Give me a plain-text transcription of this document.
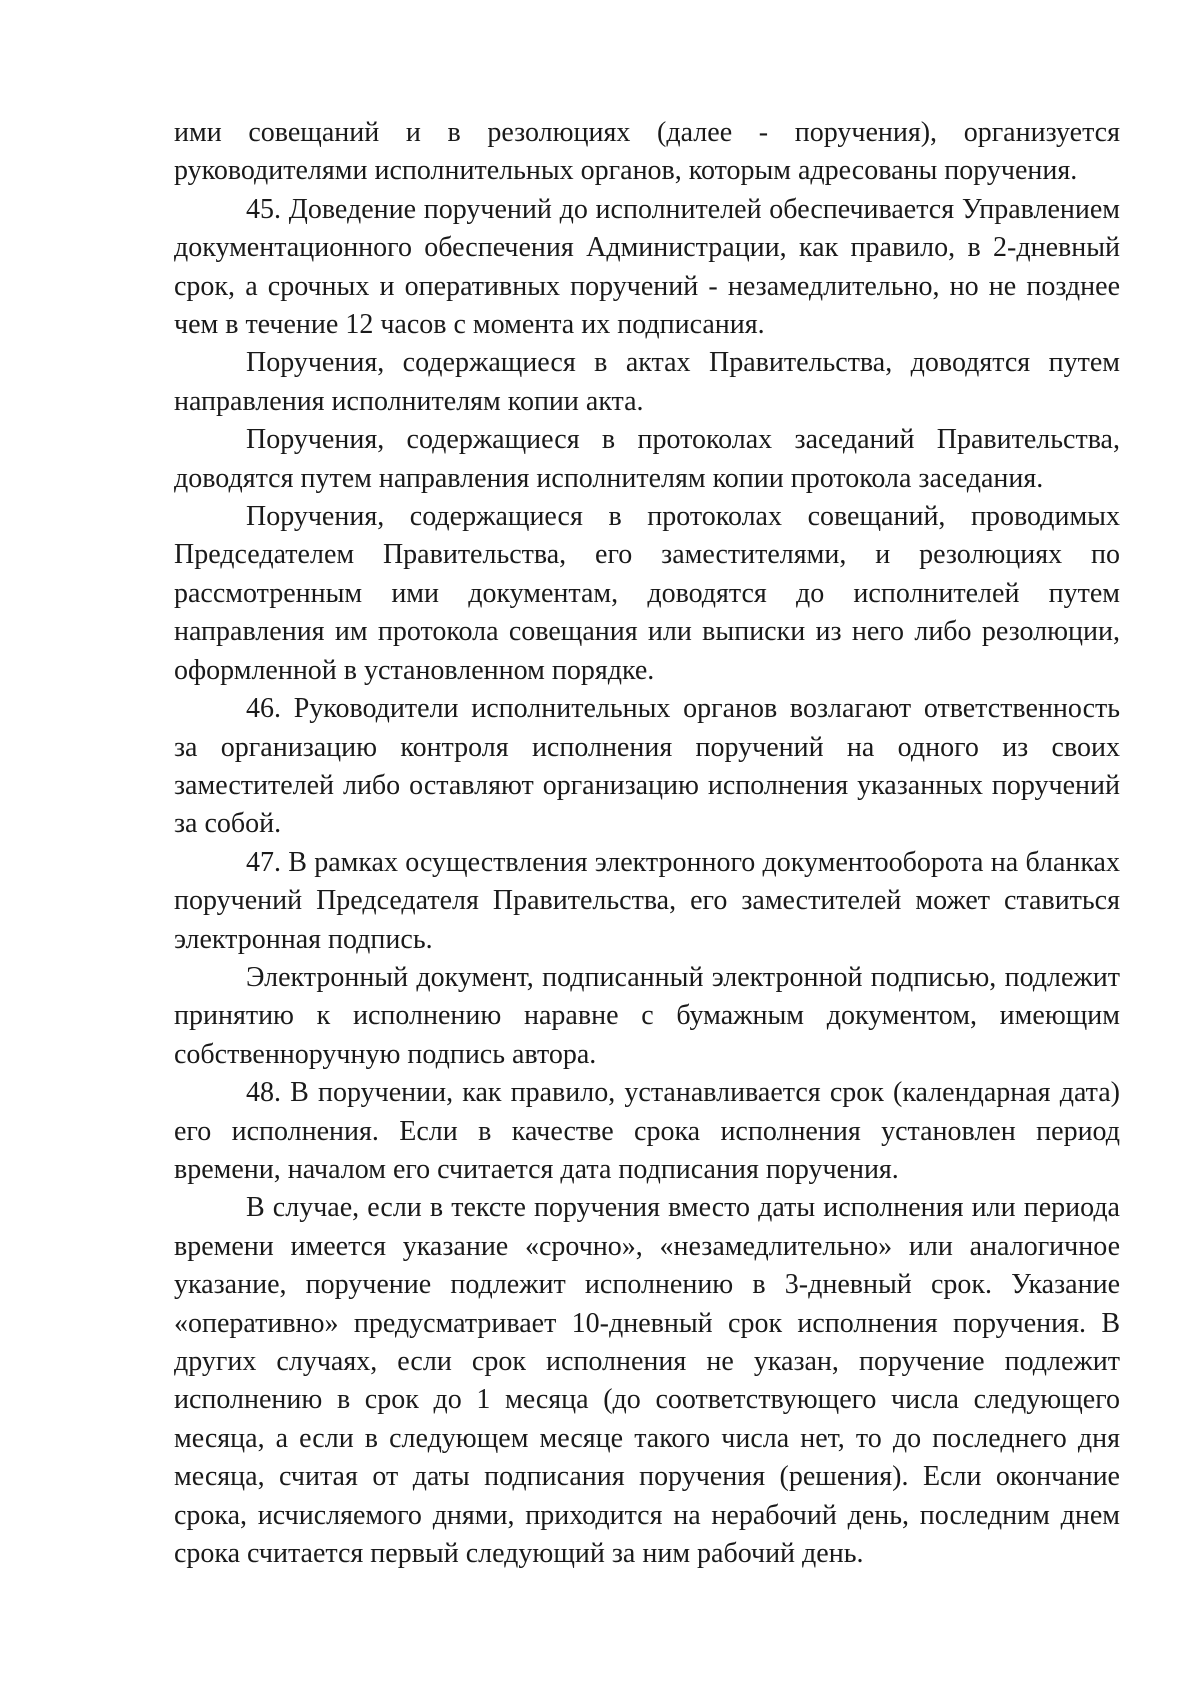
ими совещаний и в резолюциях (далее - поручения), организуется руководителями исполнительных органов, которым адресованы поручения.

45. Доведение поручений до исполнителей обеспечивается Управлением документационного обеспечения Администрации, как правило, в 2-дневный срок, а срочных и оперативных поручений - незамедлительно, но не позднее чем в течение 12 часов с момента их подписания.

Поручения, содержащиеся в актах Правительства, доводятся путем направления исполнителям копии акта.

Поручения, содержащиеся в протоколах заседаний Правительства, доводятся путем направления исполнителям копии протокола заседания.

Поручения, содержащиеся в протоколах совещаний, проводимых Председателем Правительства, его заместителями, и резолюциях по рассмотренным ими документам, доводятся до исполнителей путем направления им протокола совещания или выписки из него либо резолюции, оформленной в установленном порядке.

46. Руководители исполнительных органов возлагают ответственность за организацию контроля исполнения поручений на одного из своих заместителей либо оставляют организацию исполнения указанных поручений за собой.

47. В рамках осуществления электронного документооборота на бланках поручений Председателя Правительства, его заместителей может ставиться электронная подпись.

Электронный документ, подписанный электронной подписью, подлежит принятию к исполнению наравне с бумажным документом, имеющим собственноручную подпись автора.

48. В поручении, как правило, устанавливается срок (календарная дата) его исполнения. Если в качестве срока исполнения установлен период времени, началом его считается дата подписания поручения.

В случае, если в тексте поручения вместо даты исполнения или периода времени имеется указание «срочно», «незамедлительно» или аналогичное указание, поручение подлежит исполнению в 3-дневный срок. Указание «оперативно» предусматривает 10-дневный срок исполнения поручения. В других случаях, если срок исполнения не указан, поручение подлежит исполнению в срок до 1 месяца (до соответствующего числа следующего месяца, а если в следующем месяце такого числа нет, то до последнего дня месяца, считая от даты подписания поручения (решения). Если окончание срока, исчисляемого днями, приходится на нерабочий день, последним днем срока считается первый следующий за ним рабочий день.
